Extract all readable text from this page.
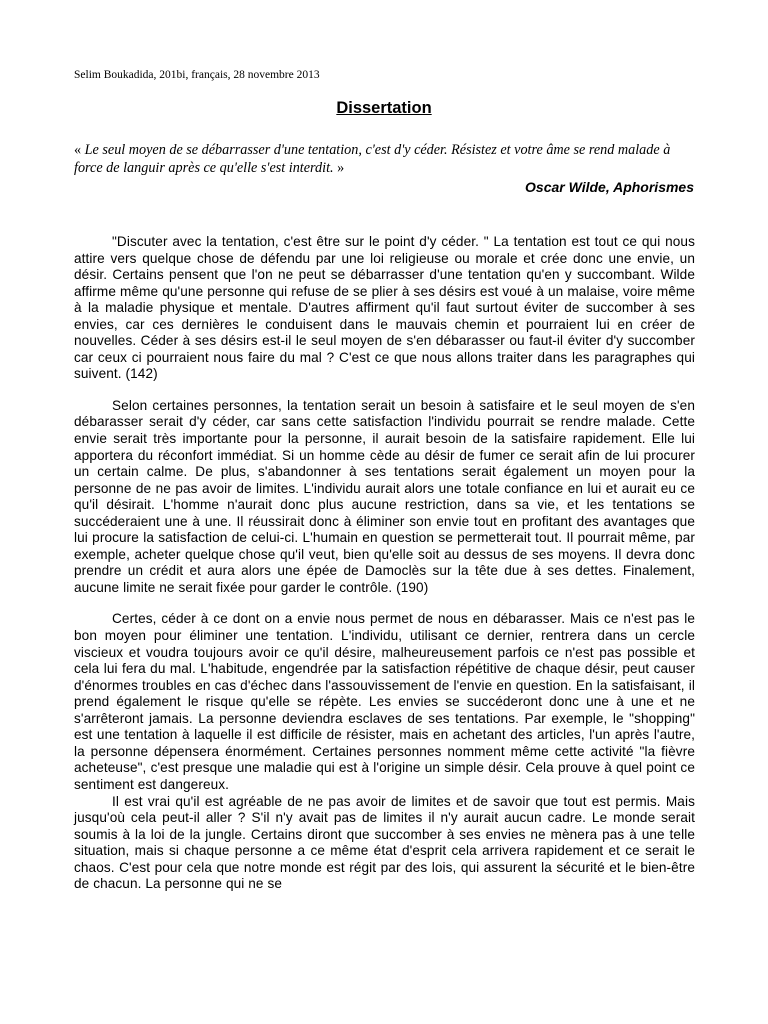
Selim Boukadida, 201bi, français, 28 novembre 2013
Dissertation
« Le seul moyen de se débarrasser d'une tentation, c'est d'y céder. Résistez et votre âme se rend malade à force de languir après ce qu'elle s'est interdit. »
Oscar Wilde, Aphorismes

"Discuter avec la tentation, c'est être sur le point d'y céder. " La tentation est tout ce qui nous attire vers quelque chose de défendu par une loi religieuse ou morale et crée donc une envie, un désir. Certains pensent que l'on ne peut se débarrasser d'une tentation qu'en y succombant. Wilde affirme même qu'une personne qui refuse de se plier à ses désirs est voué à un malaise, voire même à la maladie physique et mentale. D'autres affirment qu'il faut surtout éviter de succomber à ses envies, car ces dernières le conduisent dans le mauvais chemin et pourraient lui en créer de nouvelles. Céder à ses désirs est-il le seul moyen de s'en débarasser ou faut-il éviter d'y succomber car ceux ci pourraient nous faire du mal ? C'est ce que nous allons traiter dans les paragraphes qui suivent. (142)

Selon certaines personnes, la tentation serait un besoin à satisfaire et le seul moyen de s'en débarasser serait d'y céder, car sans cette satisfaction l'individu pourrait se rendre malade. Cette envie serait très importante pour la personne, il aurait besoin de la satisfaire rapidement. Elle lui apportera du réconfort immédiat. Si un homme cède au désir de fumer ce serait afin de lui procurer un certain calme. De plus, s'abandonner à ses tentations serait également un moyen pour la personne de ne pas avoir de limites. L'individu aurait alors une totale confiance en lui et aurait eu ce qu'il désirait. L'homme n'aurait donc plus aucune restriction, dans sa vie, et les tentations se succéderaient une à une. Il réussirait donc à éliminer son envie tout en profitant des avantages que lui procure la satisfaction de celui-ci. L'humain en question se permetterait tout. Il pourrait même, par exemple, acheter quelque chose qu'il veut, bien qu'elle soit au dessus de ses moyens. Il devra donc prendre un crédit et aura alors une épée de Damoclès sur la tête due à ses dettes. Finalement, aucune limite ne serait fixée pour garder le contrôle. (190)

Certes, céder à ce dont on a envie nous permet de nous en débarasser. Mais ce n'est pas le bon moyen pour éliminer une tentation. L'individu, utilisant ce dernier, rentrera dans un cercle viscieux et voudra toujours avoir ce qu'il désire, malheureusement parfois ce n'est pas possible et cela lui fera du mal. L'habitude, engendrée par la satisfaction répétitive de chaque désir, peut causer d'énormes troubles en cas d'échec dans l'assouvissement de l'envie en question. En la satisfaisant, il prend également le risque qu'elle se répète. Les envies se succéderont donc une à une et ne s'arrêteront jamais. La personne deviendra esclaves de ses tentations. Par exemple, le "shopping" est une tentation à laquelle il est difficile de résister, mais en achetant des articles, l'un après l'autre, la personne dépensera énormément. Certaines personnes nomment même cette activité "la fièvre acheteuse", c'est presque une maladie qui est à l'origine un simple désir. Cela prouve à quel point ce sentiment est dangereux.

Il est vrai qu'il est agréable de ne pas avoir de limites et de savoir que tout est permis. Mais jusqu'où cela peut-il aller ? S'il n'y avait pas de limites il n'y aurait aucun cadre. Le monde serait soumis à la loi de la jungle. Certains diront que succomber à ses envies ne mènera pas à une telle situation, mais si chaque personne a ce même état d'esprit cela arrivera rapidement et ce serait le chaos. C'est pour cela que notre monde est régit par des lois, qui assurent la sécurité et le bien-être de chacun. La personne qui ne se
